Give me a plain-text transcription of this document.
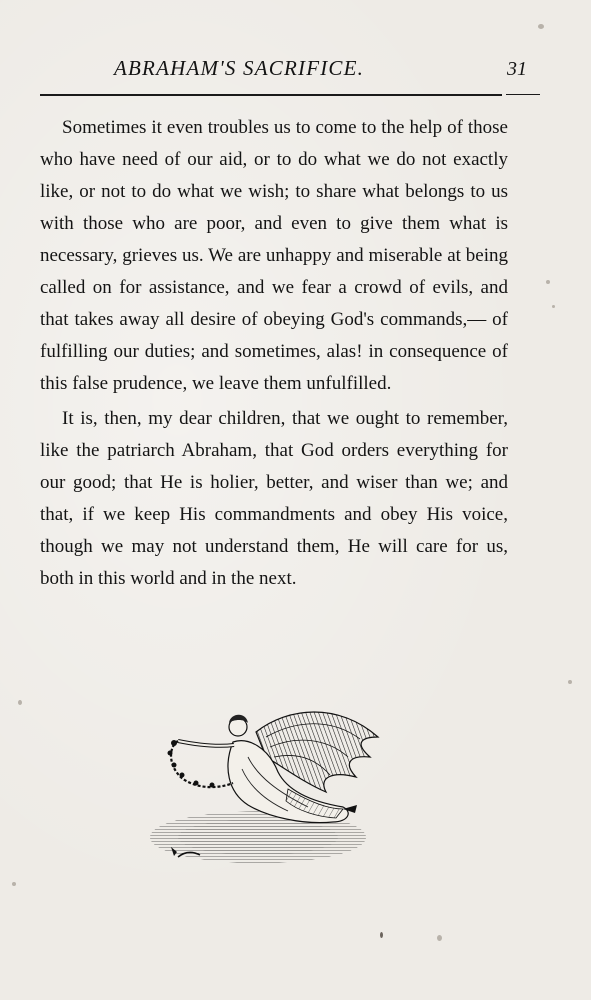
ABRAHAM'S SACRIFICE.	31

Sometimes it even troubles us to come to the help of those who have need of our aid, or to do what we do not exactly like, or not to do what we wish; to share what belongs to us with those who are poor, and even to give them what is necessary, grieves us. We are unhappy and miserable at being called on for assistance, and we fear a crowd of evils, and that takes away all desire of obeying God's commands,— of fulfilling our duties; and sometimes, alas! in consequence of this false prudence, we leave them unfulfilled.

It is, then, my dear children, that we ought to remember, like the patriarch Abraham, that God orders everything for our good; that He is holier, better, and wiser than we; and that, if we keep His commandments and obey His voice, though we may not understand them, He will care for us, both in this world and in the next.
